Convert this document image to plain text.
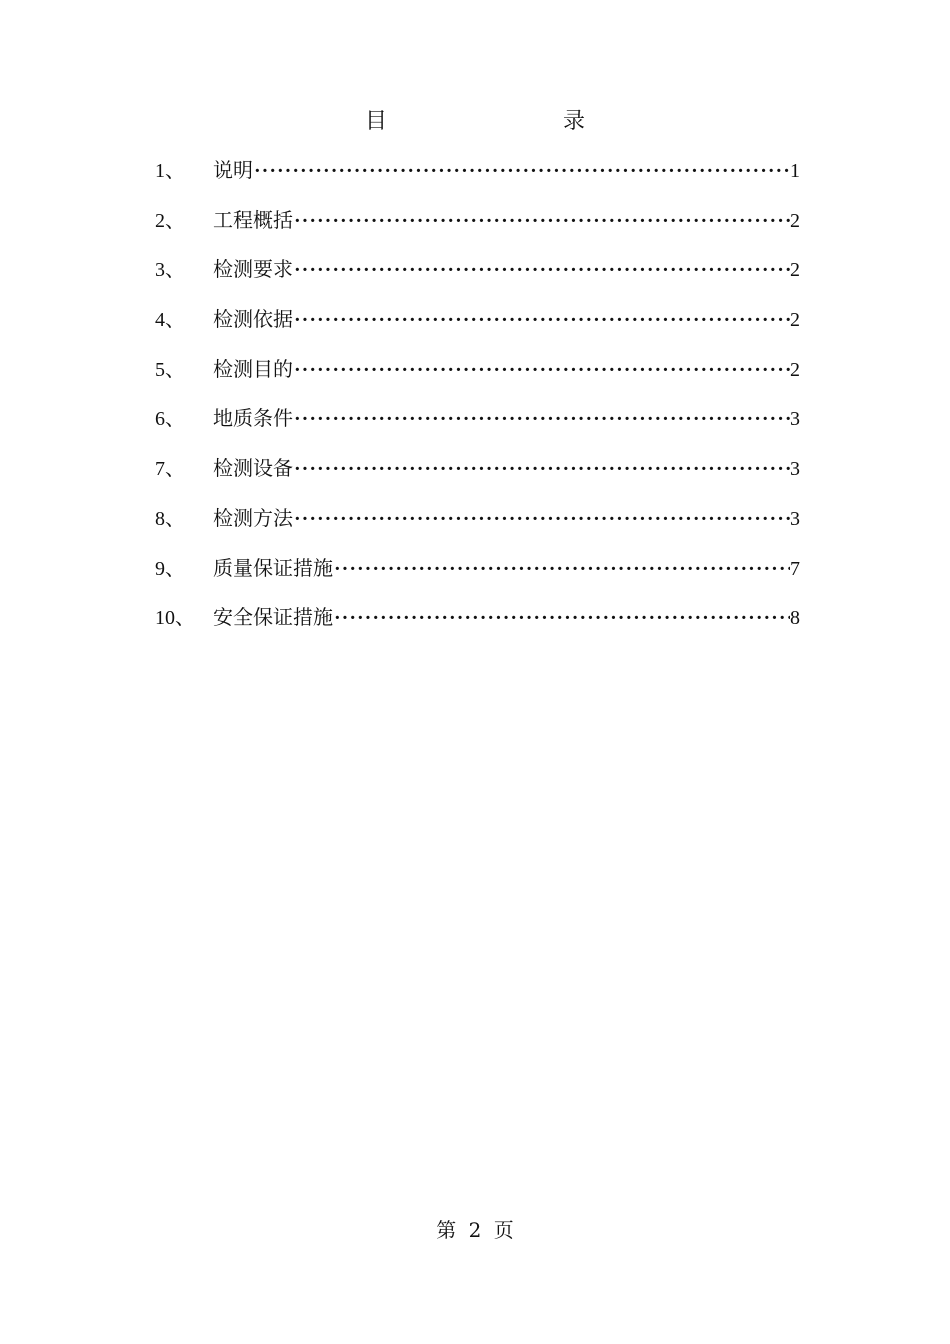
目　　录
1、	说明 ·····	1
2、	工程概括 ·····	2
3、	检测要求 ·····	2
4、	检测依据 ·····	2
5、	检测目的 ·····	2
6、	地质条件 ·····	3
7、	检测设备 ·····	3
8、	检测方法 ·····	3
9、	质量保证措施 ·····	7
10、 安全保证措施 ·····	8
第 2 页
